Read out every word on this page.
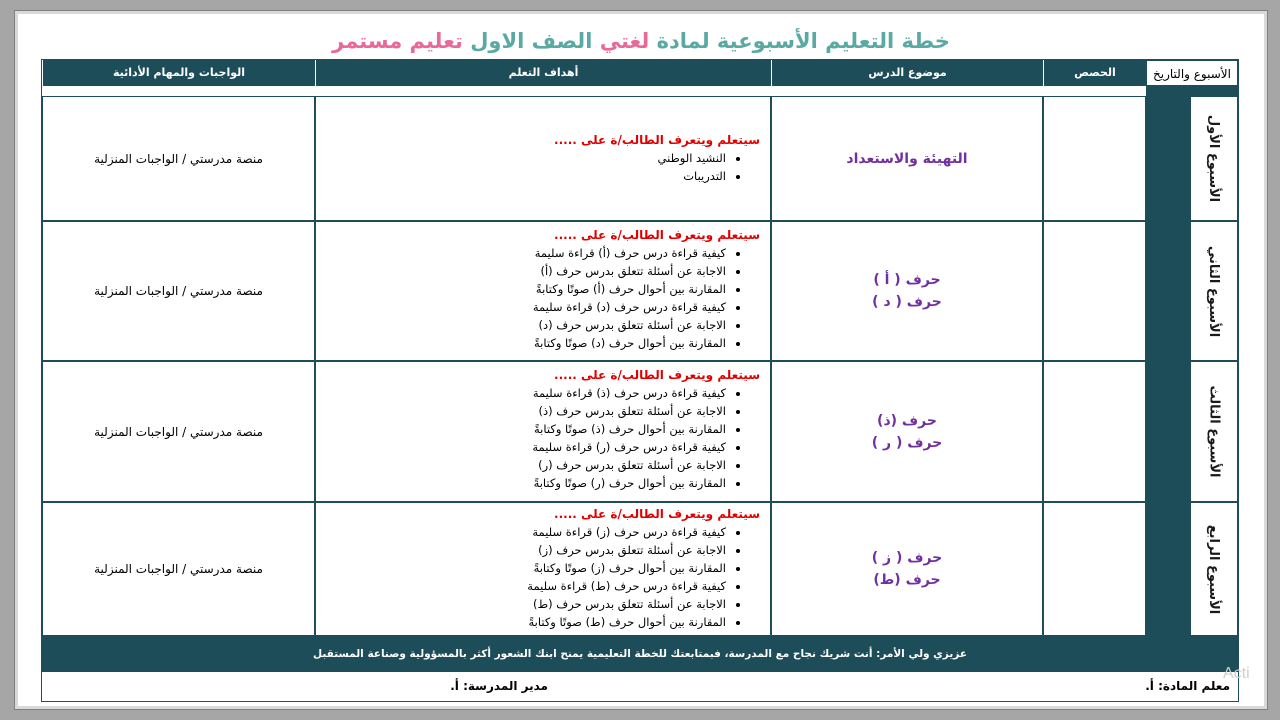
خطة التعليم الأسبوعية لمادة لغتي الصف الاول تعليم مستمر
الأسبوع والتاريخ
الحصص
موضوع الدرس
أهداف التعلم
الواجبات والمهام الأدائية
الأسبوع الأول
الأسبوع الثاني
الأسبوع الثالث
الأسبوع الرابع
التهيئة والاستعداد
سيتعلم ويتعرف الطالب/ة على .....
• النشيد الوطني
• التدريبات
منصة مدرستي / الواجبات المنزلية
حرف ( أ )
حرف ( د )
سيتعلم ويتعرف الطالب/ة على .....
• كيفية قراءة درس حرف (أ) قراءة سليمة
• الاجابة عن أسئلة تتعلق بدرس حرف (أ)
• المقارنة بين أحوال حرف (أ) صوتًا وكتابةً
• كيفية قراءة درس حرف (د) قراءة سليمة
• الاجابة عن أسئلة تتعلق بدرس حرف (د)
• المقارنة بين أحوال حرف (د) صوتًا وكتابةً
منصة مدرستي / الواجبات المنزلية
حرف (ذ)
حرف ( ر )
سيتعلم ويتعرف الطالب/ة على .....
• كيفية قراءة درس حرف (ذ) قراءة سليمة
• الاجابة عن أسئلة تتعلق بدرس حرف (ذ)
• المقارنة بين أحوال حرف (ذ) صوتًا وكتابةً
• كيفية قراءة درس حرف (ر) قراءة سليمة
• الاجابة عن أسئلة تتعلق بدرس حرف (ر)
• المقارنة بين أحوال حرف (ر) صوتًا وكتابةً
منصة مدرستي / الواجبات المنزلية
حرف ( ز )
حرف (ط)
سيتعلم ويتعرف الطالب/ة على .....
• كيفية قراءة درس حرف (ز) قراءة سليمة
• الاجابة عن أسئلة تتعلق بدرس حرف (ز)
• المقارنة بين أحوال حرف (ز) صوتًا وكتابةً
• كيفية قراءة درس حرف (ط) قراءة سليمة
• الاجابة عن أسئلة تتعلق بدرس حرف (ط)
• المقارنة بين أحوال حرف (ط) صوتًا وكتابةً
منصة مدرستي / الواجبات المنزلية
عزيزي ولي الأمر: أنت شريك نجاح مع المدرسة، فبمتابعتك للخطة التعليمية يمنح ابنك الشعور أكثر بالمسؤولية وصناعة المستقبل
معلم المادة: أ.
مدير المدرسة: أ.
Acti
